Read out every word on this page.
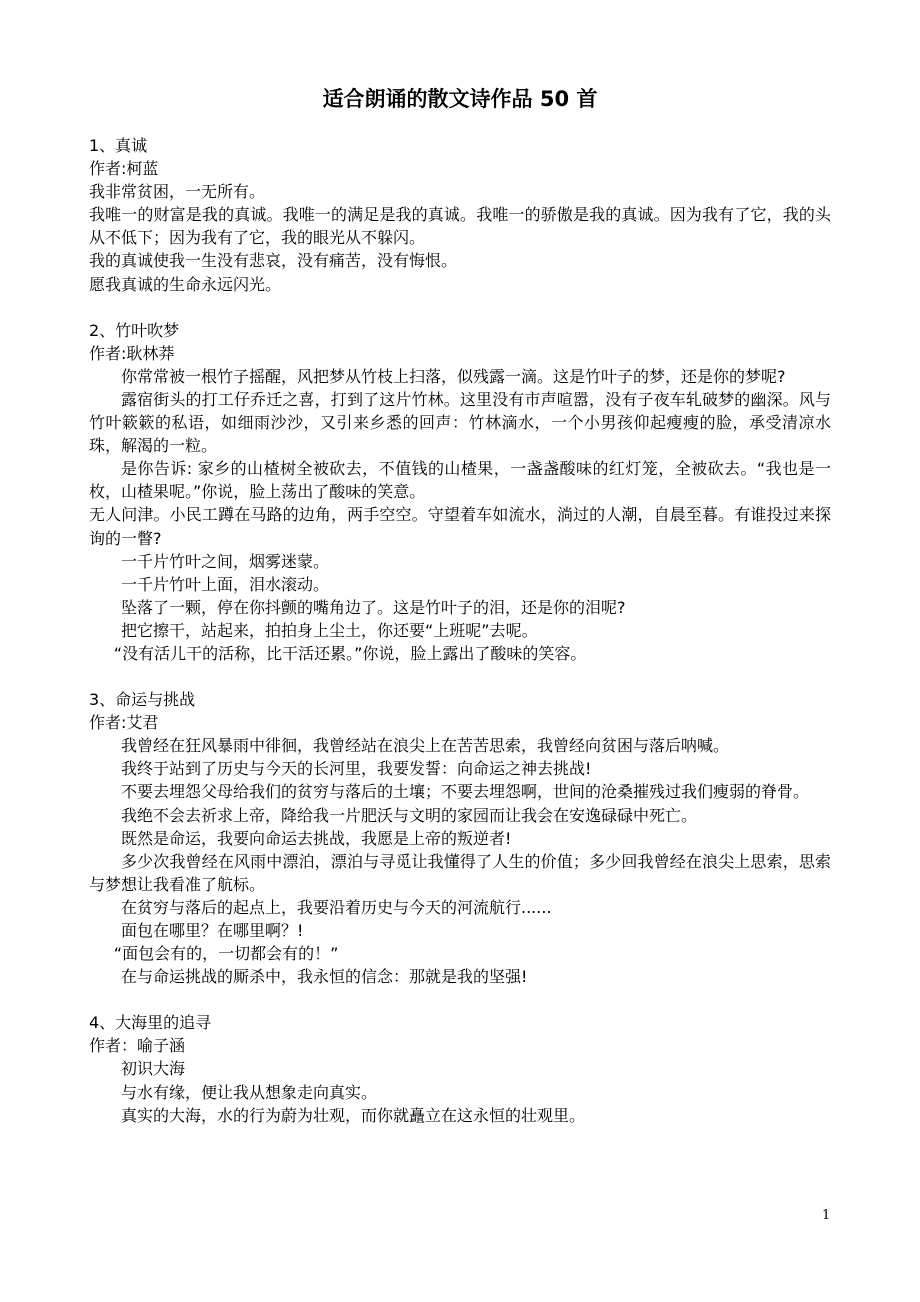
适合朗诵的散文诗作品 50 首

1、真诚

作者:柯蓝

我非常贫困，一无所有。

我唯一的财富是我的真诚。我唯一的满足是我的真诚。我唯一的骄傲是我的真诚。因为我有了它，我的头从不低下；因为我有了它，我的眼光从不躲闪。

我的真诚使我一生没有悲哀，没有痛苦，没有悔恨。

愿我真诚的生命永远闪光。

2、竹叶吹梦

作者:耿林莽

你常常被一根竹子摇醒，风把梦从竹枝上扫落，似残露一滴。这是竹叶子的梦，还是你的梦呢?

露宿街头的打工仔乔迁之喜，打到了这片竹林。这里没有市声喧嚣，没有子夜车轧破梦的幽深。风与竹叶簌簌的私语，如细雨沙沙，又引来乡悉的回声：竹林滴水，一个小男孩仰起瘦瘦的脸，承受清凉水珠，解渴的一粒。

是你告诉: 家乡的山楂树全被砍去，不值钱的山楂果，一盏盏酸味的红灯笼，全被砍去。“我也是一枚，山楂果呢。”你说，脸上荡出了酸味的笑意。

无人问津。小民工蹲在马路的边角，两手空空。守望着车如流水，淌过的人潮，自晨至暮。有谁投过来探询的一瞥?

一千片竹叶之间，烟雾迷蒙。

一千片竹叶上面，泪水滚动。

坠落了一颗，停在你抖颤的嘴角边了。这是竹叶子的泪，还是你的泪呢?

把它擦干，站起来，拍拍身上尘土，你还要“上班呢”去呢。

“没有活儿干的活称，比干活还累。”你说，脸上露出了酸味的笑容。

3、命运与挑战

作者:艾君

我曾经在狂风暴雨中徘徊，我曾经站在浪尖上在苦苦思索，我曾经向贫困与落后呐喊。

我终于站到了历史与今天的长河里，我要发誓：向命运之神去挑战!

不要去埋怨父母给我们的贫穷与落后的土壤；不要去埋怨啊，世间的沧桑摧残过我们瘦弱的脊骨。

我绝不会去祈求上帝，降给我一片肥沃与文明的家园而让我会在安逸碌碌中死亡。

既然是命运，我要向命运去挑战，我愿是上帝的叛逆者!

多少次我曾经在风雨中漂泊，漂泊与寻觅让我懂得了人生的价值；多少回我曾经在浪尖上思索，思索与梦想让我看准了航标。

在贫穷与落后的起点上，我要沿着历史与今天的河流航行......

面包在哪里？在哪里啊？!

“面包会有的，一切都会有的！”

在与命运挑战的厮杀中，我永恒的信念：那就是我的坚强!

4、大海里的追寻

作者：喻子涵

初识大海

与水有缘，便让我从想象走向真实。

真实的大海，水的行为蔚为壮观，而你就矗立在这永恒的壮观里。

1
